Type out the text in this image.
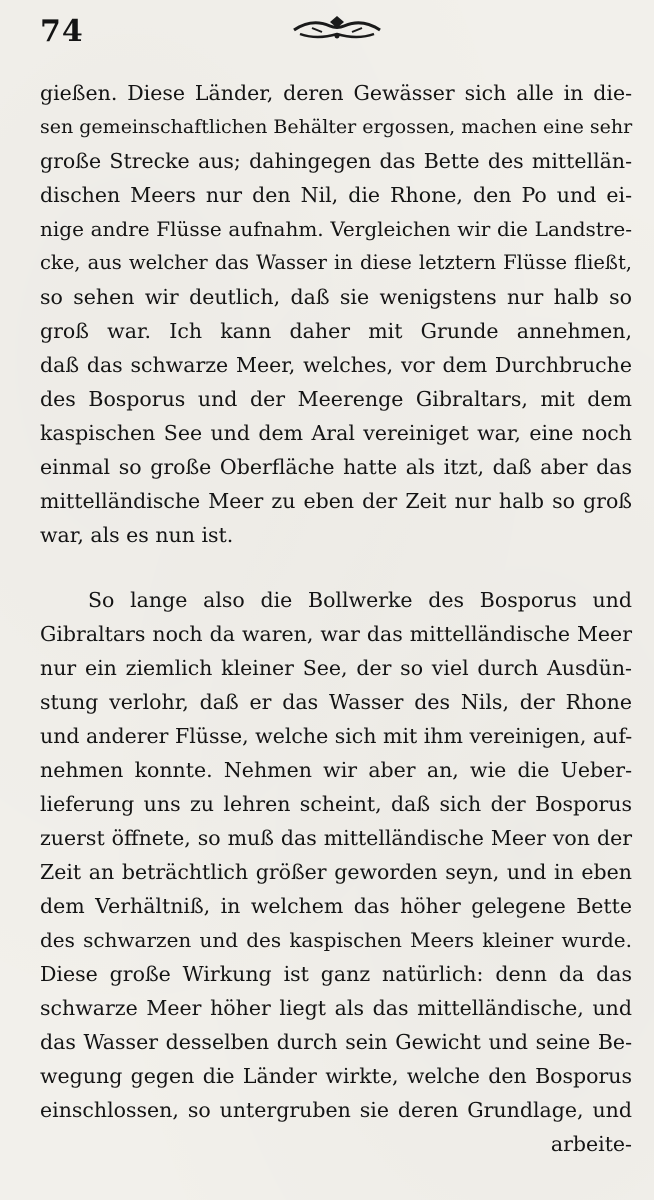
74
gießen. Diese Länder, deren Gewässer sich alle in die-
sen gemeinschaftlichen Behälter ergossen, machen eine sehr
große Strecke aus; dahingegen das Bette des mittellän-
dischen Meers nur den Nil, die Rhone, den Po und ei-
nige andre Flüsse aufnahm. Vergleichen wir die Landstre-
cke, aus welcher das Wasser in diese letztern Flüsse fließt,
so sehen wir deutlich, daß sie wenigstens nur halb so
groß war. Ich kann daher mit Grunde annehmen,
daß das schwarze Meer, welches, vor dem Durchbruche
des Bosporus und der Meerenge Gibraltars, mit dem
kaspischen See und dem Aral vereiniget war, eine noch
einmal so große Oberfläche hatte als itzt, daß aber das
mittelländische Meer zu eben der Zeit nur halb so groß
war, als es nun ist.
So lange also die Bollwerke des Bosporus und
Gibraltars noch da waren, war das mittelländische Meer
nur ein ziemlich kleiner See, der so viel durch Ausdün-
stung verlohr, daß er das Wasser des Nils, der Rhone
und anderer Flüsse, welche sich mit ihm vereinigen, auf-
nehmen konnte. Nehmen wir aber an, wie die Ueber-
lieferung uns zu lehren scheint, daß sich der Bosporus
zuerst öffnete, so muß das mittelländische Meer von der
Zeit an beträchtlich größer geworden seyn, und in eben
dem Verhältniß, in welchem das höher gelegene Bette
des schwarzen und des kaspischen Meers kleiner wurde.
Diese große Wirkung ist ganz natürlich: denn da das
schwarze Meer höher liegt als das mittelländische, und
das Wasser desselben durch sein Gewicht und seine Be-
wegung gegen die Länder wirkte, welche den Bosporus
einschlossen, so untergruben sie deren Grundlage, und
arbeite-
